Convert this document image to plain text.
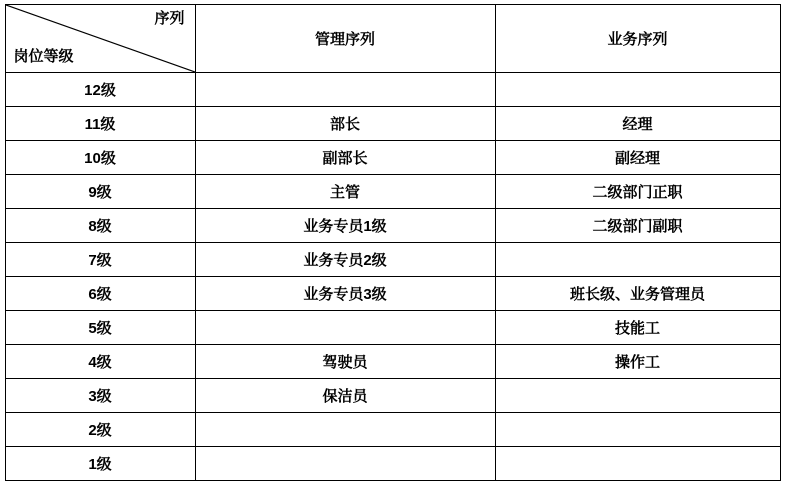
序列
岗位等级	管理序列	业务序列
12级		
11级	部长	经理
10级	副部长	副经理
9级	主管	二级部门正职
8级	业务专员1级	二级部门副职
7级	业务专员2级	
6级	业务专员3级	班长级、业务管理员
5级		技能工
4级	驾驶员	操作工
3级	保洁员	
2级		
1级		
